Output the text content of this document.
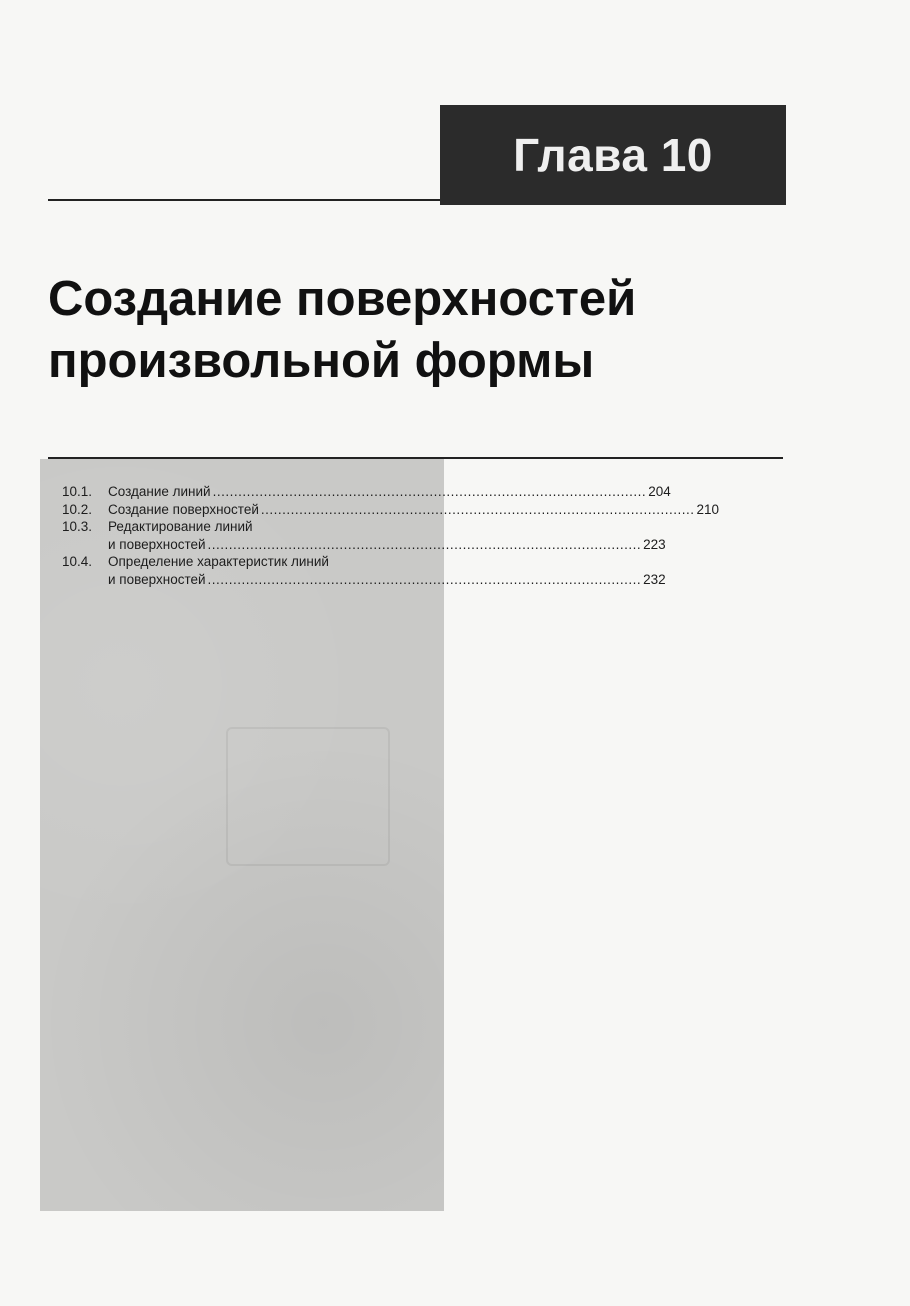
Глава 10
Создание поверхностей
произвольной формы
10.1.	Создание линий .....	204
10.2.	Создание поверхностей .....	210
10.3.	Редактирование линий
и поверхностей .....	223
10.4.	Определение характеристик линий
и поверхностей .....	232
